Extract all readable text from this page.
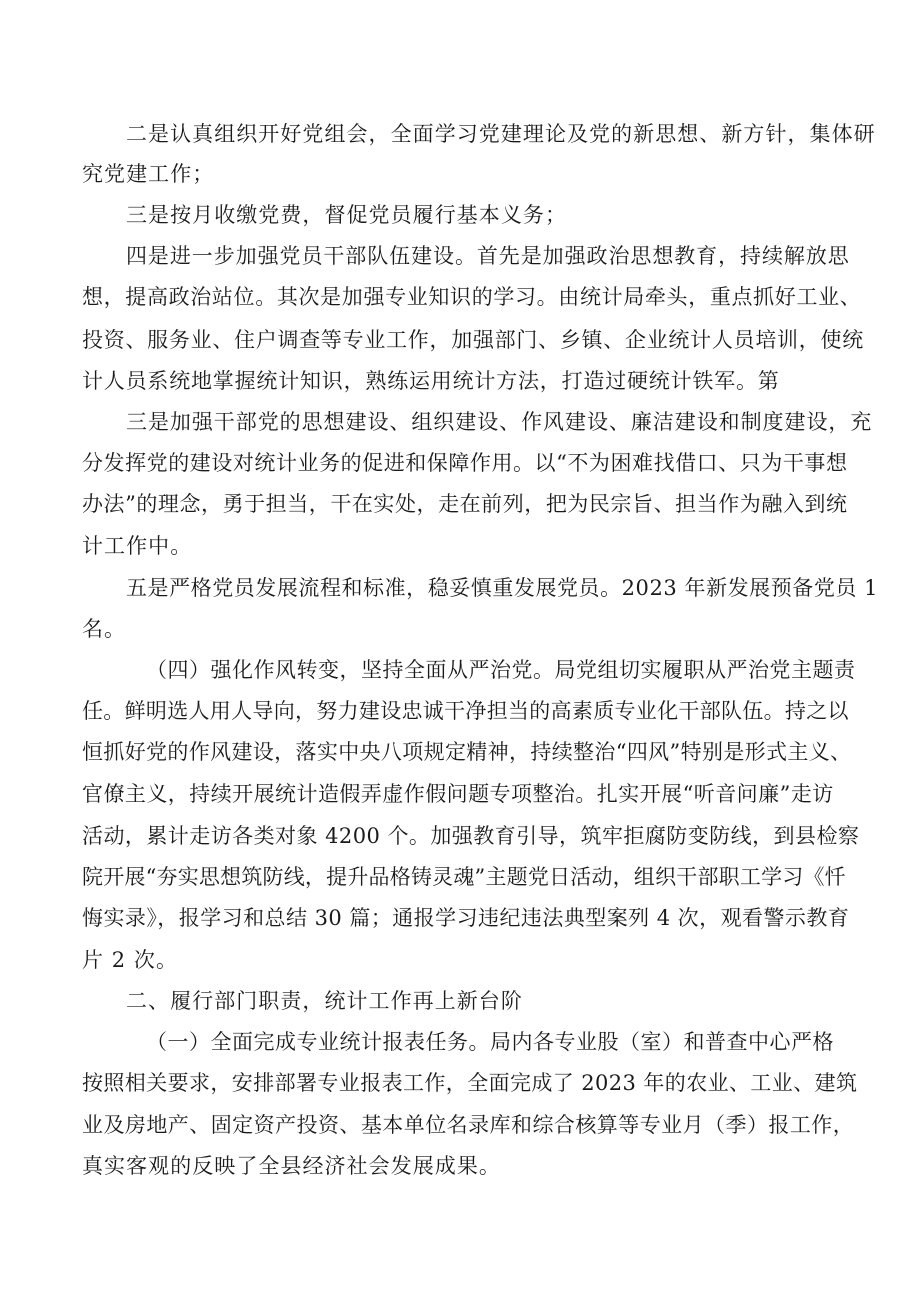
二是认真组织开好党组会，全面学习党建理论及党的新思想、新方针，集体研
究党建工作；
三是按月收缴党费，督促党员履行基本义务；
四是进一步加强党员干部队伍建设。首先是加强政治思想教育，持续解放思
想，提高政治站位。其次是加强专业知识的学习。由统计局牵头，重点抓好工业、
投资、服务业、住户调查等专业工作，加强部门、乡镇、企业统计人员培训，使统
计人员系统地掌握统计知识，熟练运用统计方法，打造过硬统计铁军。第
三是加强干部党的思想建设、组织建设、作风建设、廉洁建设和制度建设，充
分发挥党的建设对统计业务的促进和保障作用。以“不为困难找借口、只为干事想
办法”的理念，勇于担当，干在实处，走在前列，把为民宗旨、担当作为融入到统
计工作中。
五是严格党员发展流程和标准，稳妥慎重发展党员。2023 年新发展预备党员 1
名。
（四）强化作风转变，坚持全面从严治党。局党组切实履职从严治党主题责
任。鲜明选人用人导向，努力建设忠诚干净担当的高素质专业化干部队伍。持之以
恒抓好党的作风建设，落实中央八项规定精神，持续整治“四风”特别是形式主义、
官僚主义，持续开展统计造假弄虚作假问题专项整治。扎实开展“听音问廉”走访
活动，累计走访各类对象 4200 个。加强教育引导，筑牢拒腐防变防线，到县检察
院开展“夯实思想筑防线，提升品格铸灵魂”主题党日活动，组织干部职工学习《忏
悔实录》，报学习和总结 30 篇；通报学习违纪违法典型案列 4 次，观看警示教育
片 2 次。
二、履行部门职责，统计工作再上新台阶
（一）全面完成专业统计报表任务。局内各专业股（室）和普查中心严格
按照相关要求，安排部署专业报表工作，全面完成了 2023 年的农业、工业、建筑
业及房地产、固定资产投资、基本单位名录库和综合核算等专业月（季）报工作，
真实客观的反映了全县经济社会发展成果。
